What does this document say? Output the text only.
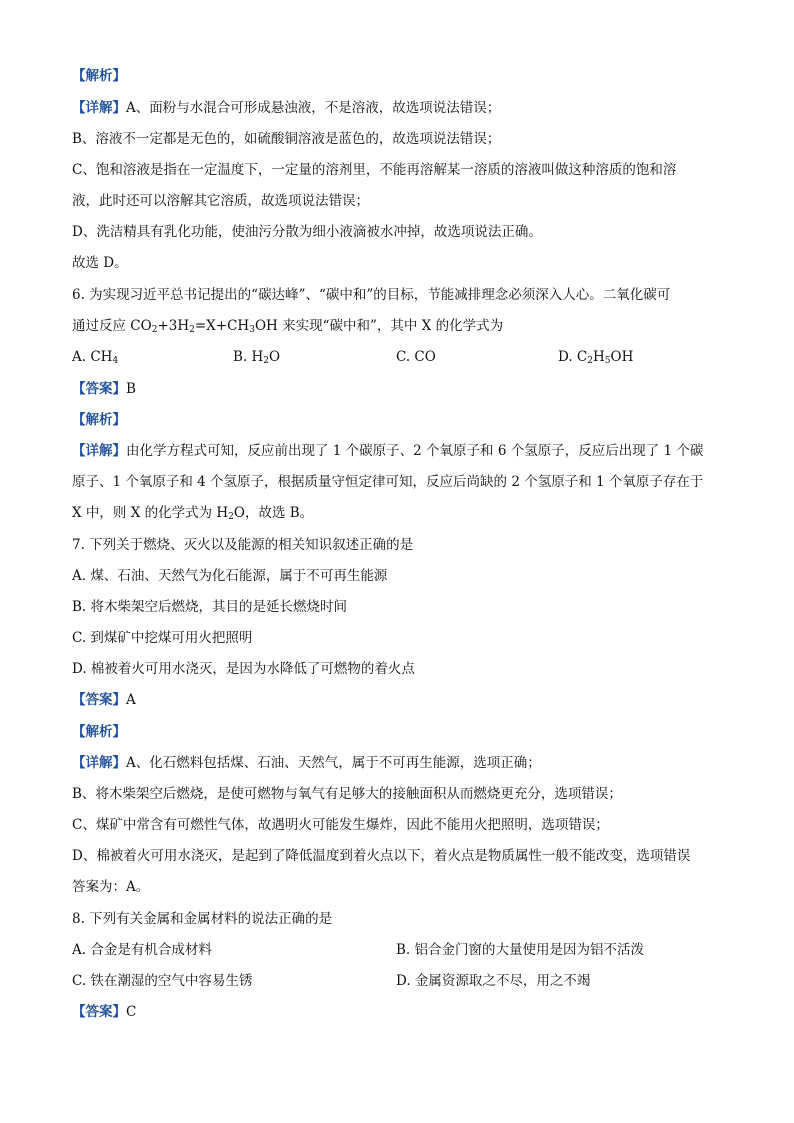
【解析】
【详解】A、面粉与水混合可形成悬浊液，不是溶液，故选项说法错误；
B、溶液不一定都是无色的，如硫酸铜溶液是蓝色的，故选项说法错误；
C、饱和溶液是指在一定温度下，一定量的溶剂里，不能再溶解某一溶质的溶液叫做这种溶质的饱和溶
液，此时还可以溶解其它溶质，故选项说法错误；
D、洗洁精具有乳化功能，使油污分散为细小液滴被水冲掉，故选项说法正确。
故选 D。
6. 为实现习近平总书记提出的“碳达峰”、“碳中和”的目标，节能减排理念必须深入人心。二氧化碳可
通过反应 $CO_2+3H_2=X+CH_3OH$ 来实现“碳中和”，其中 X 的化学式为
A. $CH_4$	B. $H_2O$	C. CO	D. $C_2H_5OH$
【答案】B
【解析】
【详解】由化学方程式可知，反应前出现了 1 个碳原子、2 个氧原子和 6 个氢原子，反应后出现了 1 个碳
原子、1 个氧原子和 4 个氢原子，根据质量守恒定律可知，反应后尚缺的 2 个氢原子和 1 个氧原子存在于
X 中，则 X 的化学式为 $H_2O$，故选 B。
7. 下列关于燃烧、灭火以及能源的相关知识叙述正确的是
A. 煤、石油、天然气为化石能源，属于不可再生能源
B. 将木柴架空后燃烧，其目的是延长燃烧时间
C. 到煤矿中挖煤可用火把照明
D. 棉被着火可用水浇灭，是因为水降低了可燃物的着火点
【答案】A
【解析】
【详解】A、化石燃料包括煤、石油、天然气，属于不可再生能源，选项正确；
B、将木柴架空后燃烧，是使可燃物与氧气有足够大的接触面积从而燃烧更充分，选项错误；
C、煤矿中常含有可燃性气体，故遇明火可能发生爆炸，因此不能用火把照明，选项错误；
D、棉被着火可用水浇灭，是起到了降低温度到着火点以下，着火点是物质属性一般不能改变，选项错误
答案为：A。
8. 下列有关金属和金属材料的说法正确的是
A. 合金是有机合成材料	B. 铝合金门窗的大量使用是因为铝不活泼
C. 铁在潮湿的空气中容易生锈	D. 金属资源取之不尽，用之不竭
【答案】C
